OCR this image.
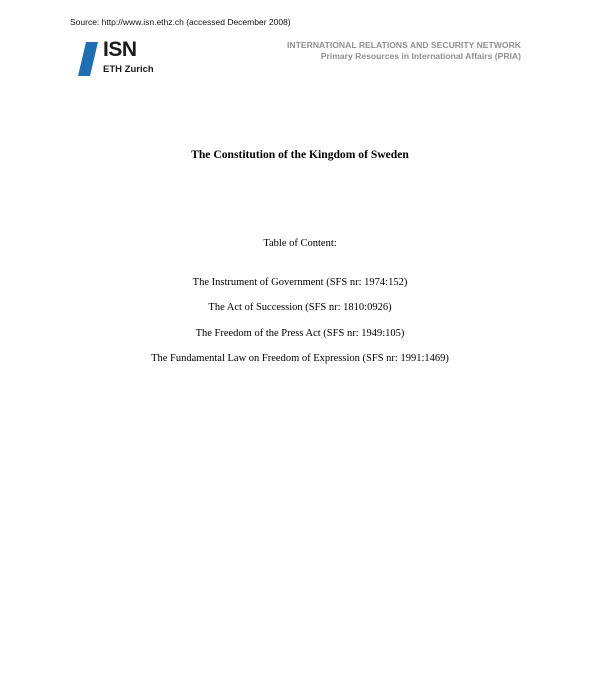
Source: http://www.isn.ethz.ch (accessed December 2008)
ISN
ETH Zurich
INTERNATIONAL RELATIONS AND SECURITY NETWORK
Primary Resources in International Affairs (PRIA)
The Constitution of the Kingdom of Sweden
Table of Content:
The Instrument of Government (SFS nr: 1974:152)
The Act of Succession (SFS nr: 1810:0926)
The Freedom of the Press Act (SFS nr: 1949:105)
The Fundamental Law on Freedom of Expression (SFS nr: 1991:1469)
